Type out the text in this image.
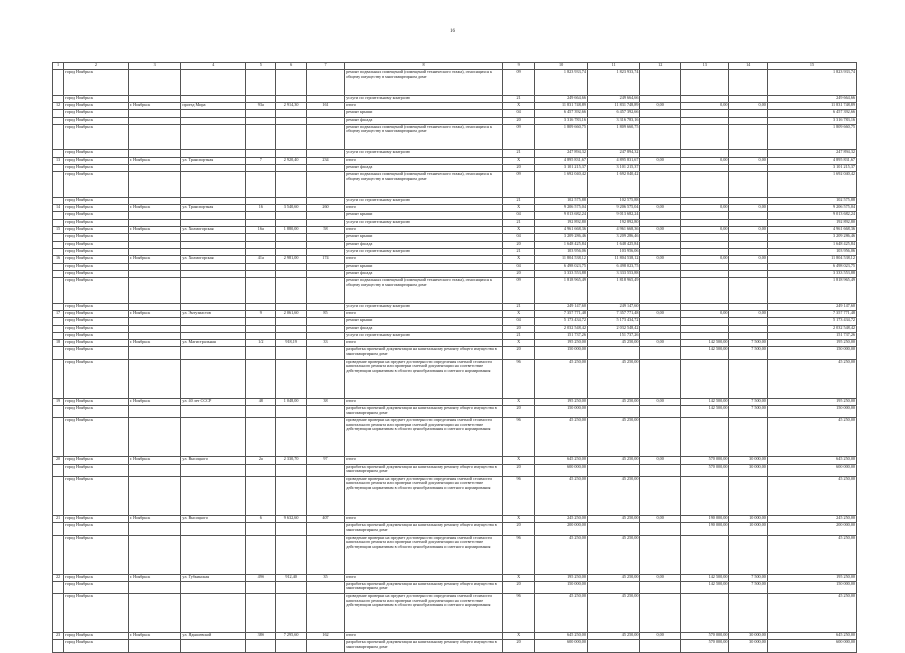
16
1	2	3	4	5	6	7	8	9	10	11	12	13	14	15
	город Ноябрьск						ремонт подвальных помещений (помещений технического этажа), относящихся к общему имуществу в многоквартирном доме	09	1 823 933,74	1 823 933,74				1 823 933,74
	город Ноябрьск						услуги по строительному контролю	21	249 664,66	249 664,66				249 664,66
12	город Ноябрьск	г. Ноябрьск	проезд Мира	93а	2 914,30	161	итого	X	11 831 748,89	11 831 748,89	0,00	0,00	0,00	11 831 748,89
	город Ноябрьск						ремонт крыши	04	6 457 392,66	6 457 392,66				6 457 392,66
	город Ноябрьск						ремонт фасада	20	3 316 783,16	3 316 783,16				3 316 783,16
	город Ноябрьск						ремонт подвальных помещений (помещений технического этажа), относящихся к общему имуществу в многоквартирном доме	09	1 809 660,75	1 809 660,75				1 809 660,75
	город Ноябрьск						услуги по строительному контролю	21	247 894,32	247 894,32				247 894,32
13	город Ноябрьск	г. Ноябрьск	ул. Транспортная	7	2 920,40	234	итого	X	4 895 831,67	4 895 831,67	0,00	0,00	0,00	4 895 831,67
	город Ноябрьск						ремонт фасада	20	3 101 215,37	3 101 215,37				3 101 215,37
	город Ноябрьск						ремонт подвальных помещений (помещений технического этажа), относящихся к общему имуществу в многоквартирном доме	09	1 692 040,42	1 692 040,42				1 692 040,42
	город Ноябрьск						услуги по строительному контролю	21	102 575,88	102 575,88				102 575,88
14	город Ноябрьск	г. Ноябрьск	ул. Транспортная	16	3 540,60	260	итого	X	9 206 575,04	9 206 575,04	0,00	0,00	0,00	9 206 575,04
	город Ноябрьск						ремонт крыши	04	9 013 682,24	9 013 682,24				9 013 682,24
	город Ноябрьск						услуги по строительному контролю	21	192 892,80	192 892,80				192 892,80
15	город Ноябрьск	г. Ноябрьск	ул. Холмогорская	16а	1 880,00	58	итого	X	4 961 668,36	4 961 668,36	0,00	0,00	0,00	4 961 668,36
	город Ноябрьск						ремонт крыши	04	3 209 286,46	3 209 286,46				3 209 286,46
	город Ноябрьск						ремонт фасада	20	1 648 425,84	1 648 425,84				1 648 425,84
	город Ноябрьск						услуги по строительному контролю	21	103 956,06	103 956,06				103 956,06
16	город Ноябрьск	г. Ноябрьск	ул. Холмогорская	41а	2 981,00	174	итого	X	11 804 538,12	11 804 538,12	0,00	0,00	0,00	11 804 538,12
	город Ноябрьск						ремонт крыши	04	6 498 023,75	6 498 023,75				6 498 023,75
	город Ноябрьск						ремонт фасада	20	3 333 553,88	3 333 553,88				3 333 553,88
	город Ноябрьск						ремонт подвальных помещений (помещений технического этажа), относящихся к общему имуществу в многоквартирном доме	09	1 818 965,49	1 818 965,49				1 818 965,49
	город Ноябрьск						услуги по строительному контролю	21	249 147,60	249 147,60				249 147,60
17	город Ноябрьск	г. Ноябрьск	ул. Энтузиастов	9	2 061,60	85	итого	X	7 357 771,48	7 357 771,48	0,00	0,00	0,00	7 357 771,48
	город Ноябрьск						ремонт крыши	04	5 173 434,72	5 173 434,72				5 173 434,72
	город Ноябрьск						ремонт фасада	20	2 032 548,42	2 032 548,42				2 032 548,42
	город Ноябрьск						услуги по строительному контролю	21	151 737,26	151 737,26				151 737,26
18	город Ноябрьск	г. Ноябрьск	ул. Магистральная	1/2	918,19	33	итого	X	195 250,00	45 250,00	0,00	142 500,00	7 500,00	195 250,00
	город Ноябрьск						разработка проектной документации на капитальному ремонту общего имущества в многоквартирном доме	20	150 000,00			142 500,00	7 500,00	150 000,00
	город Ноябрьск						проведение проверки на предмет достоверности определения сметной стоимости капитального ремонта или проверки сметной документации на соответствие действующим нормативам в области ценообразования и сметного нормирования	96	45 250,00	45 250,00				45 250,00
19	город Ноябрьск	г. Ноябрьск	ул. 40 лет СССР	48	1 048,00	38	итого	X	195 250,00	45 250,00	0,00	142 500,00	7 500,00	195 250,00
	город Ноябрьск						разработка проектной документации на капитальному ремонту общего имущества в многоквартирном доме	20	150 000,00			142 500,00	7 500,00	150 000,00
	город Ноябрьск						проведение проверки на предмет достоверности определения сметной стоимости капитального ремонта или проверки сметной документации на соответствие действующим нормативам в области ценообразования и сметного нормирования	96	45 250,00	45 250,00				45 250,00
20	город Ноябрьск	г. Ноябрьск	ул. Высоцкого	2а	2 330,70	97	итого	X	645 250,00	45 250,00	0,00	570 000,00	30 000,00	645 250,00
	город Ноябрьск						разработка проектной документации на капитальному ремонту общего имущества в многоквартирном доме	20	600 000,00			570 000,00	30 000,00	600 000,00
	город Ноябрьск						проведение проверки на предмет достоверности определения сметной стоимости капитального ремонта или проверки сметной документации на соответствие действующим нормативам в области ценообразования и сметного нормирования	96	45 250,00	45 250,00				45 250,00
21	город Ноябрьск	г. Ноябрьск	ул. Высоцкого	6	9 632,60	407	итого	X	245 250,00	45 250,00	0,00	190 000,00	10 000,00	245 250,00
	город Ноябрьск						разработка проектной документации на капитальному ремонту общего имущества в многоквартирном доме	20	200 000,00			190 000,00	10 000,00	200 000,00
	город Ноябрьск						проведение проверки на предмет достоверности определения сметной стоимости капитального ремонта или проверки сметной документации на соответствие действующим нормативам в области ценообразования и сметного нормирования	96	45 250,00	45 250,00				45 250,00
22	город Ноябрьск	г. Ноябрьск	ул. Губкинская	49б	912,40	35	итого	X	195 250,00	45 250,00	0,00	142 500,00	7 500,00	195 250,00
	город Ноябрьск						разработка проектной документации на капитальному ремонту общего имущества в многоквартирном доме	20	150 000,00			142 500,00	7 500,00	150 000,00
	город Ноябрьск						проведение проверки на предмет достоверности определения сметной стоимости капитального ремонта или проверки сметной документации на соответствие действующим нормативам в области ценообразования и сметного нормирования	96	45 250,00	45 250,00				45 250,00
23	город Ноябрьск	г. Ноябрьск	ул. Ядышевской	38б	7 295,60	162	итого	X	645 250,00	45 250,00	0,00	570 000,00	30 000,00	645 250,00
	город Ноябрьск						разработка проектной документации на капитальному ремонту общего имущества в многоквартирном доме	20	600 000,00			570 000,00	30 000,00	600 000,00
